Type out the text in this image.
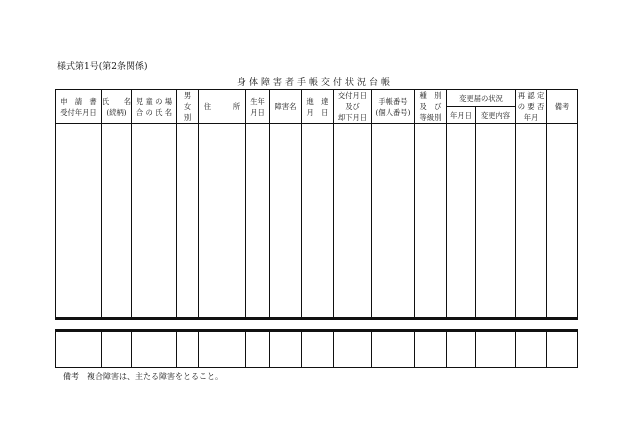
様式第1号(第2条関係)
身体障害者手帳交付状況台帳
申　請　書
受付年月日
氏　　名
(続柄)
児 童 の 場
合 の 氏 名
男
女
別
住　　　所
生年
月日
障害名
進　達
月　日
交付月日
及び
却下月日
手帳番号
(個人番号)
種　別
及　び
等級別
変更届の状況
年月日	変更内容
再 認 定
の 要 否
年月
備考
備考　複合障害は、主たる障害をとること。
